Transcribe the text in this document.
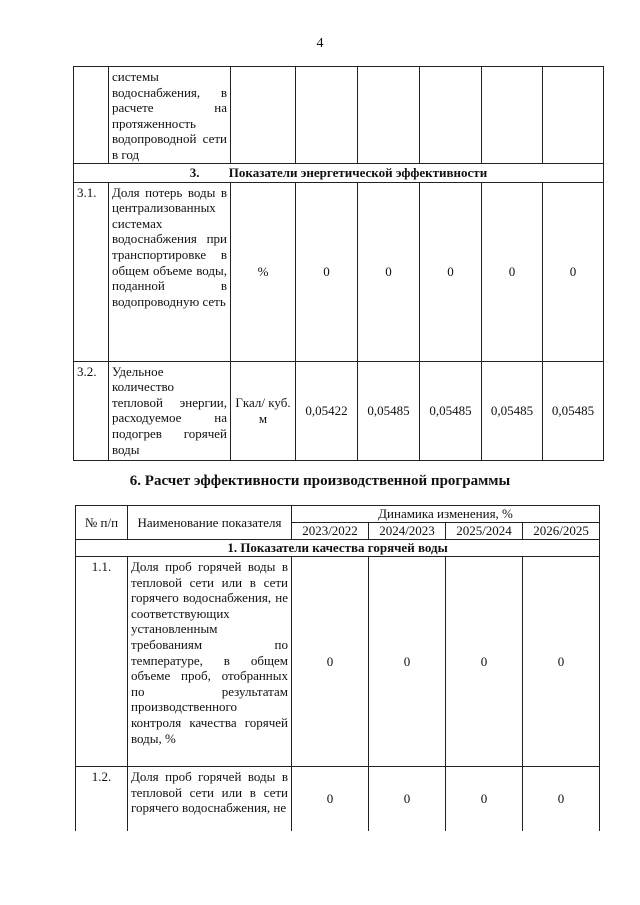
4
	системы водоснабжения, в расчете на протяженность водопроводной сети в год						
3. Показатели энергетической эффективности							
3.1.	Доля потерь воды в централизованных системах водоснабжения при транспортировке в общем объеме воды, поданной в водопроводную сеть	%	0	0	0	0	0
3.2.	Удельное количество тепловой энергии, расходуемое на подогрев горячей воды	Гкал/ куб. м	0,05422	0,05485	0,05485	0,05485	0,05485
6. Расчет эффективности производственной программы
№ п/п	Наименование показателя	Динамика изменения, %			
		2023/2022	2024/2023	2025/2024	2026/2025
1. Показатели качества горячей воды					
1.1.	Доля проб горячей воды в тепловой сети или в сети горячего водоснабжения, не соответствующих установленным требованиям по температуре, в общем объеме проб, отобранных по результатам производственного контроля качества горячей воды, %	0	0	0	0
1.2.	Доля проб горячей воды в тепловой сети или в сети горячего водоснабжения, не	0	0	0	0
